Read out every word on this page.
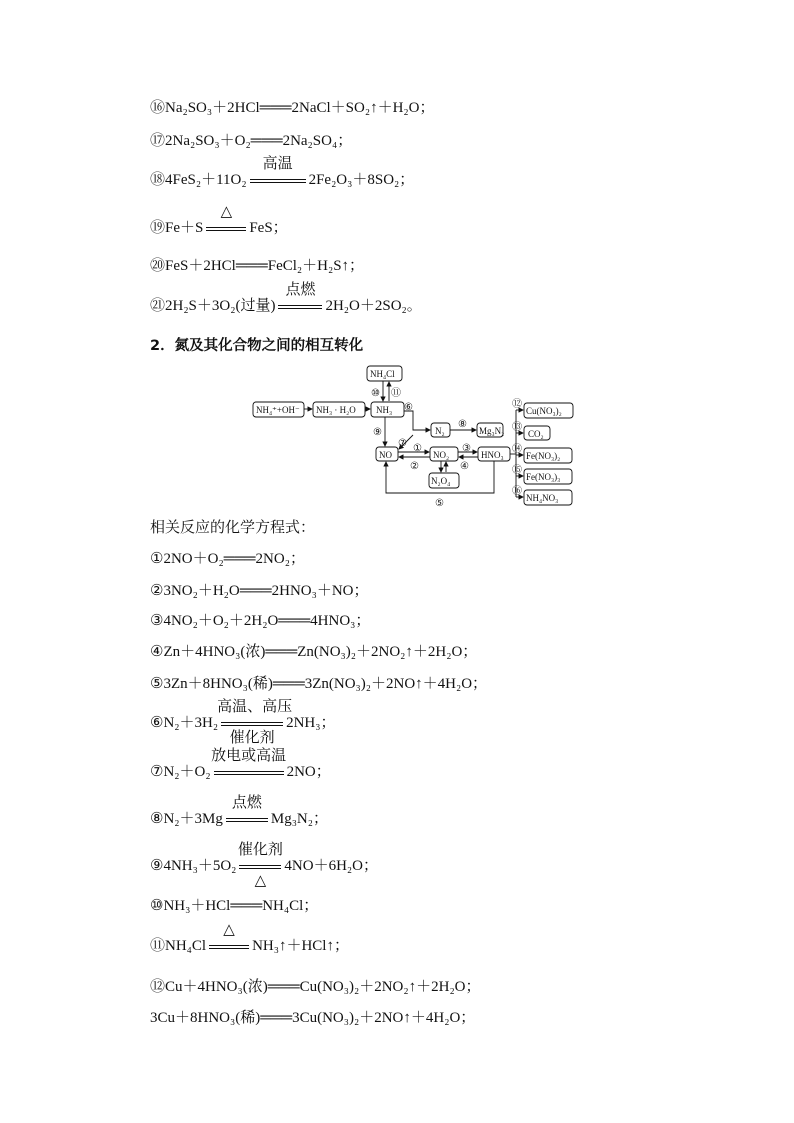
⑯Na₂SO₃＋2HCl═══2NaCl＋SO₂↑＋H₂O；
⑰2Na₂SO₃＋O₂═══2Na₂SO₄；
⑱4FeS₂＋11O₂
高温
2Fe₂O₃＋8SO₂；
⑲Fe＋S
△
FeS；
⑳FeS＋2HCl═══FeCl₂＋H₂S↑；
㉑2H₂S＋3O₂(过量)
点燃
2H₂O＋2SO₂。
2．氮及其化合物之间的相互转化
NH₄Cl
NH₄⁺+OH⁻ NH₃ · H₂O NH₃
N₂	Mg₃N₂
NO	NO₂	HNO₃
N₂O₄
Cu(NO₃)₂
CO₂
Fe(NO₃)₂
Fe(NO₃)₃
NH₄NO₃
⑩ ⑪
⑥
⑨
⑧
⑦ ①
②
③
④
⑤
⑫
⑬
⑭
⑮
⑯
相关反应的化学方程式：
①2NO＋O₂═══2NO₂；
②3NO₂＋H₂O═══2HNO₃＋NO；
③4NO₂＋O₂＋2H₂O═══4HNO₃；
④Zn＋4HNO₃(浓)═══Zn(NO₃)₂＋2NO₂↑＋2H₂O；
⑤3Zn＋8HNO₃(稀)═══3Zn(NO₃)₂＋2NO↑＋4H₂O；
⑥N₂＋3H₂
高温、高压
催化剂
2NH₃；
⑦N₂＋O₂
放电或高温
2NO；
⑧N₂＋3Mg
点燃
Mg₃N₂；
⑨4NH₃＋5O₂
催化剂
△
4NO＋6H₂O；
⑩NH₃＋HCl═══NH₄Cl；
⑪NH₄Cl
△
NH₃↑＋HCl↑；
⑫Cu＋4HNO₃(浓)═══Cu(NO₃)₂＋2NO₂↑＋2H₂O；
3Cu＋8HNO₃(稀)═══3Cu(NO₃)₂＋2NO↑＋4H₂O；
